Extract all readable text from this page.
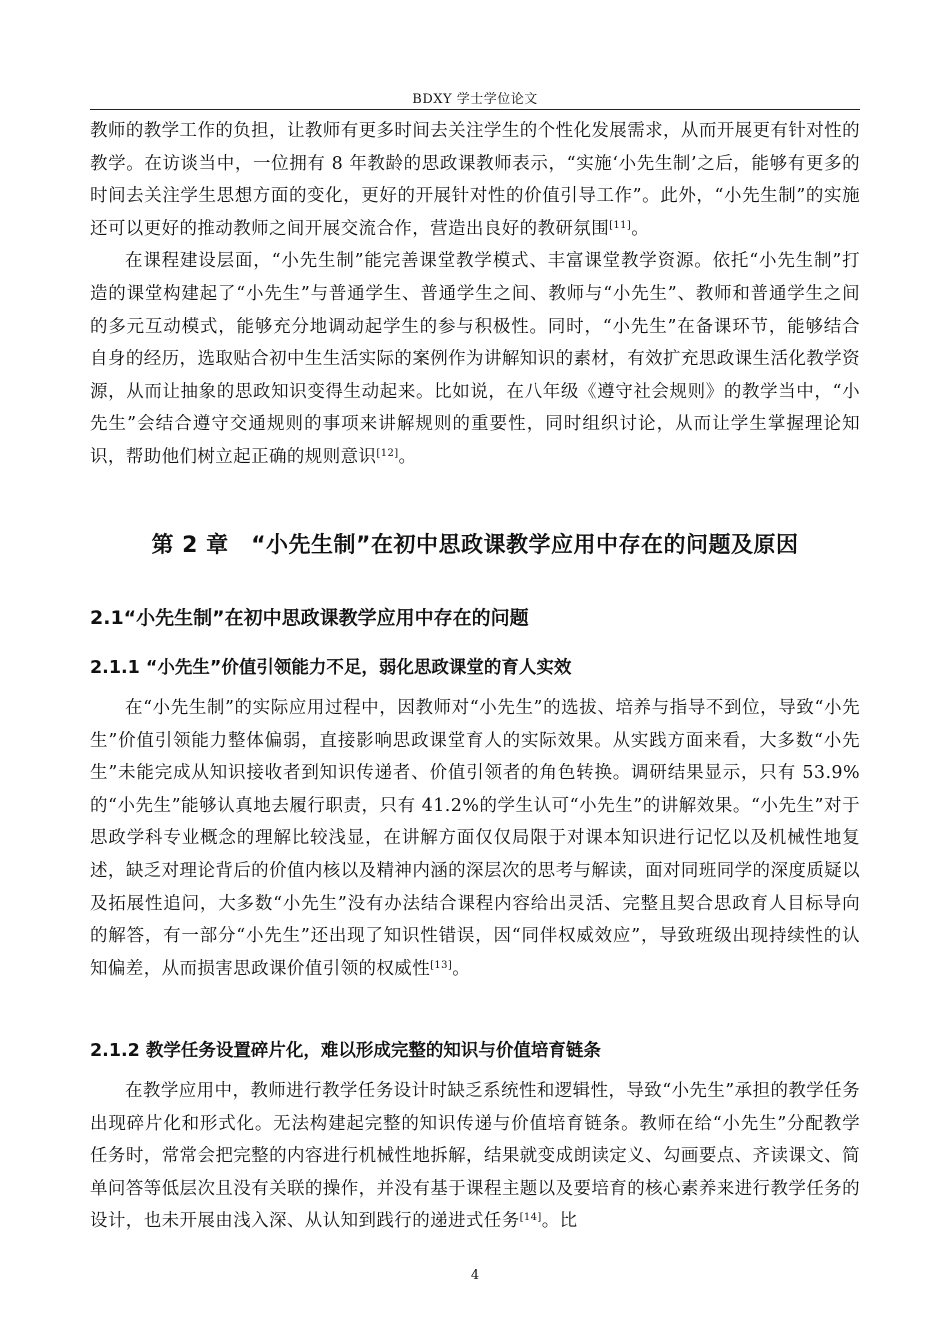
BDXY 学士学位论文

教师的教学工作的负担，让教师有更多时间去关注学生的个性化发展需求，从而开展更有针对性的教学。在访谈当中，一位拥有 8 年教龄的思政课教师表示，“实施‘小先生制’之后，能够有更多的时间去关注学生思想方面的变化，更好的开展针对性的价值引导工作”。此外，“小先生制”的实施还可以更好的推动教师之间开展交流合作，营造出良好的教研氛围[11]。

在课程建设层面，“小先生制”能完善课堂教学模式、丰富课堂教学资源。依托“小先生制”打造的课堂构建起了“小先生”与普通学生、普通学生之间、教师与“小先生”、教师和普通学生之间的多元互动模式，能够充分地调动起学生的参与积极性。同时，“小先生”在备课环节，能够结合自身的经历，选取贴合初中生生活实际的案例作为讲解知识的素材，有效扩充思政课生活化教学资源，从而让抽象的思政知识变得生动起来。比如说，在八年级《遵守社会规则》的教学当中，“小先生”会结合遵守交通规则的事项来讲解规则的重要性，同时组织讨论，从而让学生掌握理论知识，帮助他们树立起正确的规则意识[12]。

第 2 章　“小先生制”在初中思政课教学应用中存在的问题及原因
2.1“小先生制”在初中思政课教学应用中存在的问题
2.1.1 “小先生”价值引领能力不足，弱化思政课堂的育人实效

在“小先生制”的实际应用过程中，因教师对“小先生”的选拔、培养与指导不到位，导致“小先生”价值引领能力整体偏弱，直接影响思政课堂育人的实际效果。从实践方面来看，大多数“小先生”未能完成从知识接收者到知识传递者、价值引领者的角色转换。调研结果显示，只有 53.9%的“小先生”能够认真地去履行职责，只有 41.2%的学生认可“小先生”的讲解效果。“小先生”对于思政学科专业概念的理解比较浅显，在讲解方面仅仅局限于对课本知识进行记忆以及机械性地复述，缺乏对理论背后的价值内核以及精神内涵的深层次的思考与解读，面对同班同学的深度质疑以及拓展性追问，大多数“小先生”没有办法结合课程内容给出灵活、完整且契合思政育人目标导向的解答，有一部分“小先生”还出现了知识性错误，因“同伴权威效应”，导致班级出现持续性的认知偏差，从而损害思政课价值引领的权威性[13]。

2.1.2 教学任务设置碎片化，难以形成完整的知识与价值培育链条

在教学应用中，教师进行教学任务设计时缺乏系统性和逻辑性，导致“小先生”承担的教学任务出现碎片化和形式化。无法构建起完整的知识传递与价值培育链条。教师在给“小先生”分配教学任务时，常常会把完整的内容进行机械性地拆解，结果就变成朗读定义、勾画要点、齐读课文、简单问答等低层次且没有关联的操作，并没有基于课程主题以及要培育的核心素养来进行教学任务的设计，也未开展由浅入深、从认知到践行的递进式任务[14]。比

4
